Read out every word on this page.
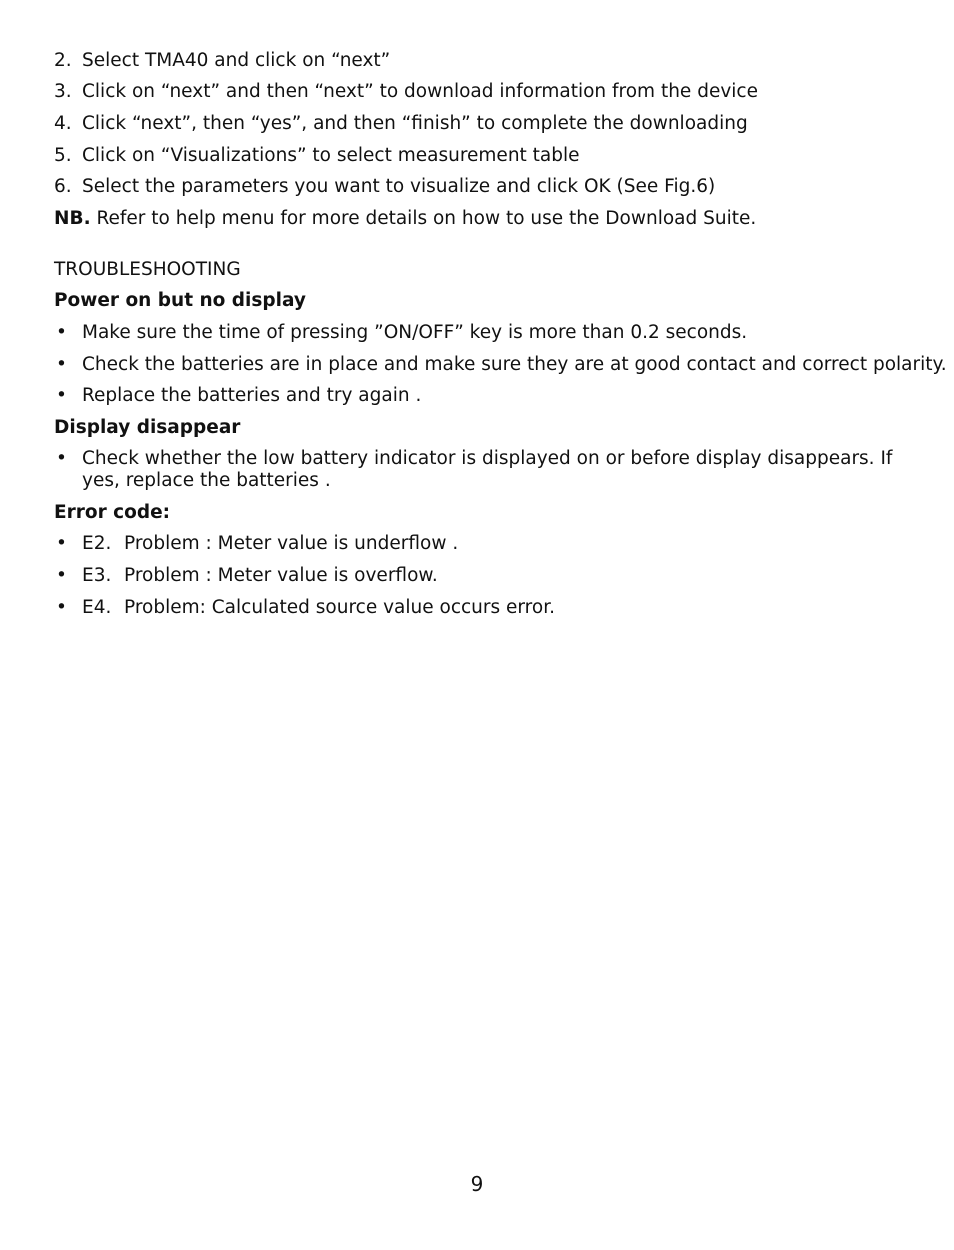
2. Select TMA40 and click on “next”
3. Click on “next” and then “next” to download information from the device
4. Click “next”, then “yes”, and then “finish” to complete the downloading
5. Click on “Visualizations” to select measurement table
6. Select the parameters you want to visualize and click OK (See Fig.6)
NB. Refer to help menu for more details on how to use the Download Suite.
TROUBLESHOOTING
Power on but no display
• Make sure the time of pressing ”ON/OFF” key is more than 0.2 seconds.
• Check the batteries are in place and make sure they are at good contact and correct polarity.
• Replace the batteries and try again .
Display disappear
• Check whether the low battery indicator is displayed on or before display disappears. If yes, replace the batteries .
Error code:
• E2. Problem : Meter value is underflow .
• E3. Problem : Meter value is overflow.
• E4. Problem: Calculated source value occurs error.
9
